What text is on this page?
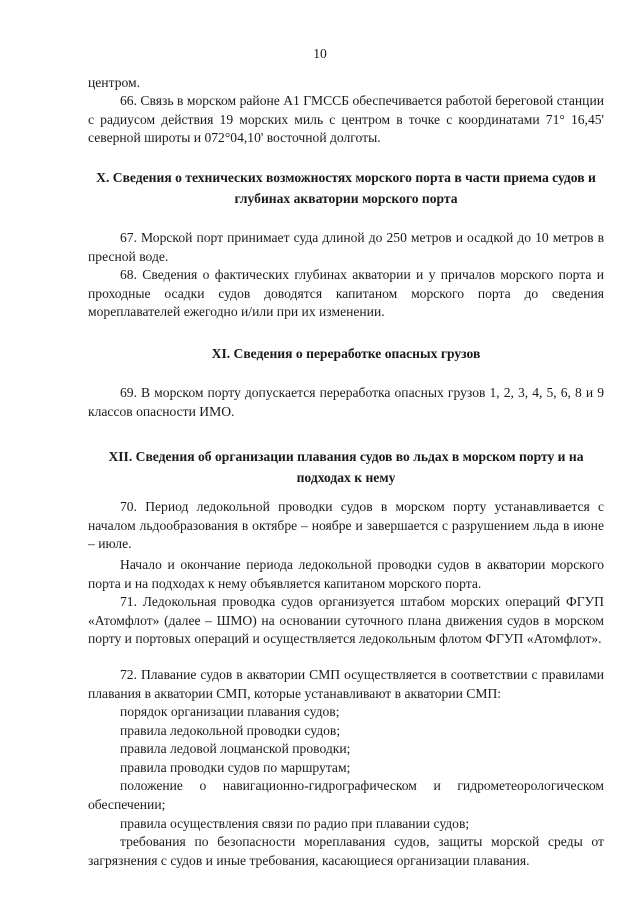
10
центром.
66. Связь в морском районе А1 ГМССБ обеспечивается работой береговой станции с радиусом действия 19 морских миль с центром в точке с координатами 71° 16,45' северной широты и 072°04,10' восточной долготы.
X. Сведения о технических возможностях морского порта в части приема судов и глубинах акватории морского порта
67. Морской порт принимает суда длиной до 250 метров и осадкой до 10 метров в пресной воде.
68. Сведения о фактических глубинах акватории и у причалов морского порта и проходные осадки судов доводятся капитаном морского порта до сведения мореплавателей ежегодно и/или при их изменении.
XI. Сведения о переработке опасных грузов
69. В морском порту допускается переработка опасных грузов 1, 2, 3, 4, 5, 6, 8 и 9 классов опасности ИМО.
XII. Сведения об организации плавания судов во льдах в морском порту и на подходах к нему
70. Период ледокольной проводки судов в морском порту устанавливается с началом льдообразования в октябре – ноябре и завершается с разрушением льда в июне – июле.
Начало и окончание периода ледокольной проводки судов в акватории морского порта и на подходах к нему объявляется капитаном морского порта.
71. Ледокольная проводка судов организуется штабом морских операций ФГУП «Атомфлот» (далее – ШМО) на основании суточного плана движения судов в морском порту и портовых операций и осуществляется ледокольным флотом ФГУП «Атомфлот».
72. Плавание судов в акватории СМП осуществляется в соответствии с правилами плавания в акватории СМП, которые устанавливают в акватории СМП:
порядок организации плавания судов;
правила ледокольной проводки судов;
правила ледовой лоцманской проводки;
правила проводки судов по маршрутам;
положение о навигационно-гидрографическом и гидрометеорологическом обеспечении;
правила осуществления связи по радио при плавании судов;
требования по безопасности мореплавания судов, защиты морской среды от загрязнения с судов и иные требования, касающиеся организации плавания.
